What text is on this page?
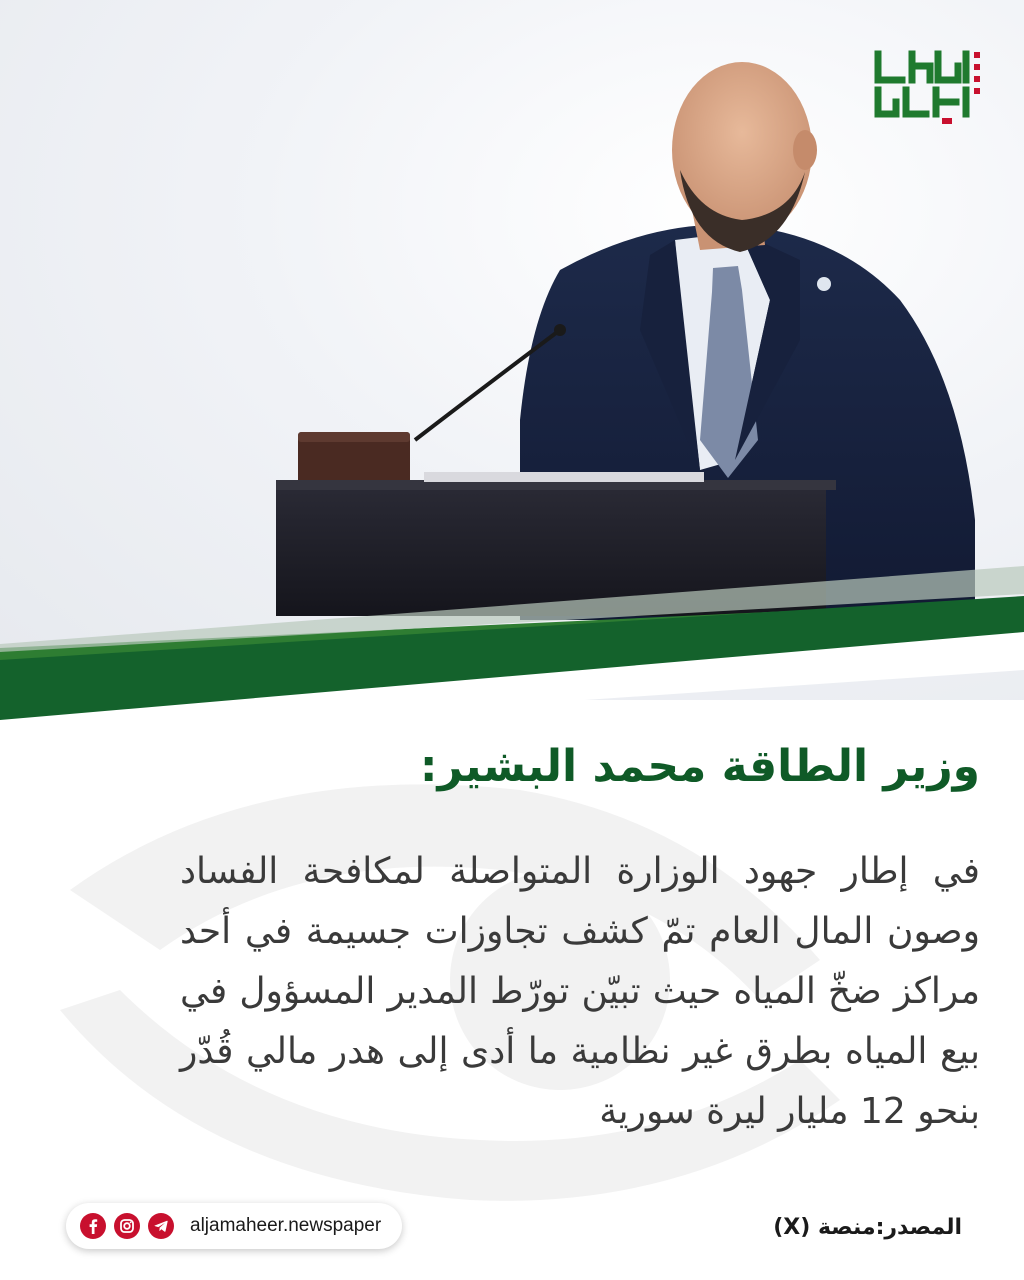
وزير الطاقة محمد البشير:

في إطار جهود الوزارة المتواصلة لمكافحة الفساد وصون المال العام تمّ كشف تجاوزات جسيمة في أحد مراكز ضخّ المياه حيث تبيّن تورّط المدير المسؤول في بيع المياه بطرق غير نظامية ما أدى إلى هدر مالي قُدّر بنحو 12 مليار ليرة سورية

المصدر:
منصة (X)
aljamaheer.newspaper
